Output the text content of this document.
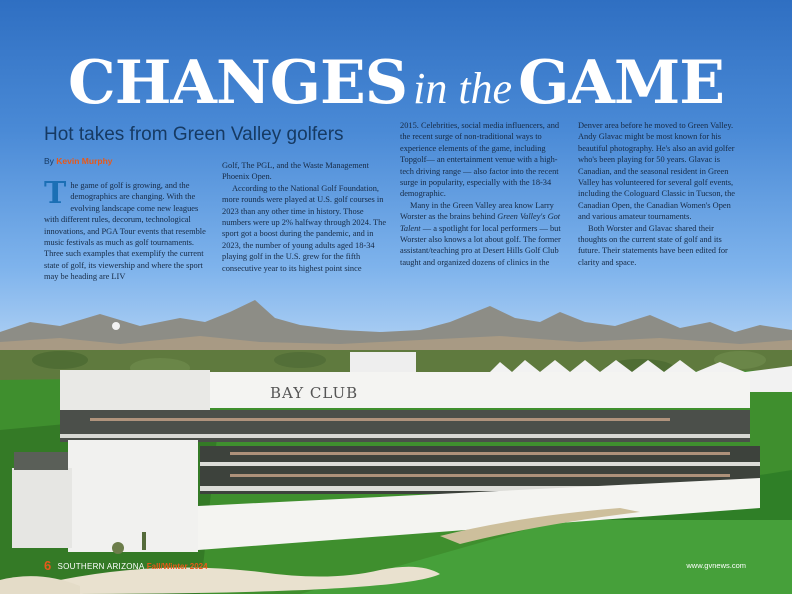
BAY CLUB
CHANGES in the GAME
Hot takes from Green Valley golfers
By Kevin Murphy
T he game of golf is growing, and the demographics are changing. With the evolving landscape come new leagues with different rules, decorum, technological innovations, and PGA Tour events that resemble music festivals as much as golf tournaments. Three such examples that exemplify the current state of golf, its viewership and where the sport may be heading are LIV

Golf, The PGL, and the Waste Management Phoenix Open.

According to the National Golf Foundation, more rounds were played at U.S. golf courses in 2023 than any other time in history. Those numbers were up 2% halfway through 2024. The sport got a boost during the pandemic, and in 2023, the number of young adults aged 18-34 playing golf in the U.S. grew for the fifth consecutive year to its highest point since

2015. Celebrities, social media influencers, and the recent surge of non-traditional ways to experience elements of the game, including Topgolf— an entertainment venue with a high-tech driving range — also factor into the recent surge in popularity, especially with the 18-34 demographic.

Many in the Green Valley area know Larry Worster as the brains behind Green Valley's Got Talent — a spotlight for local performers — but Worster also knows a lot about golf. The former assistant/teaching pro at Desert Hills Golf Club taught and organized dozens of clinics in the

Denver area before he moved to Green Valley. Andy Glavac might be most known for his beautiful photography. He's also an avid golfer who's been playing for 50 years. Glavac is Canadian, and the seasonal resident in Green Valley has volunteered for several golf events, including the Cologuard Classic in Tucson, the Canadian Open, the Canadian Women's Open and various amateur tournaments.

Both Worster and Glavac shared their thoughts on the current state of golf and its future. Their statements have been edited for clarity and space.

6 SOUTHERN ARIZONA Fall/Winter 2024	www.gvnews.com
